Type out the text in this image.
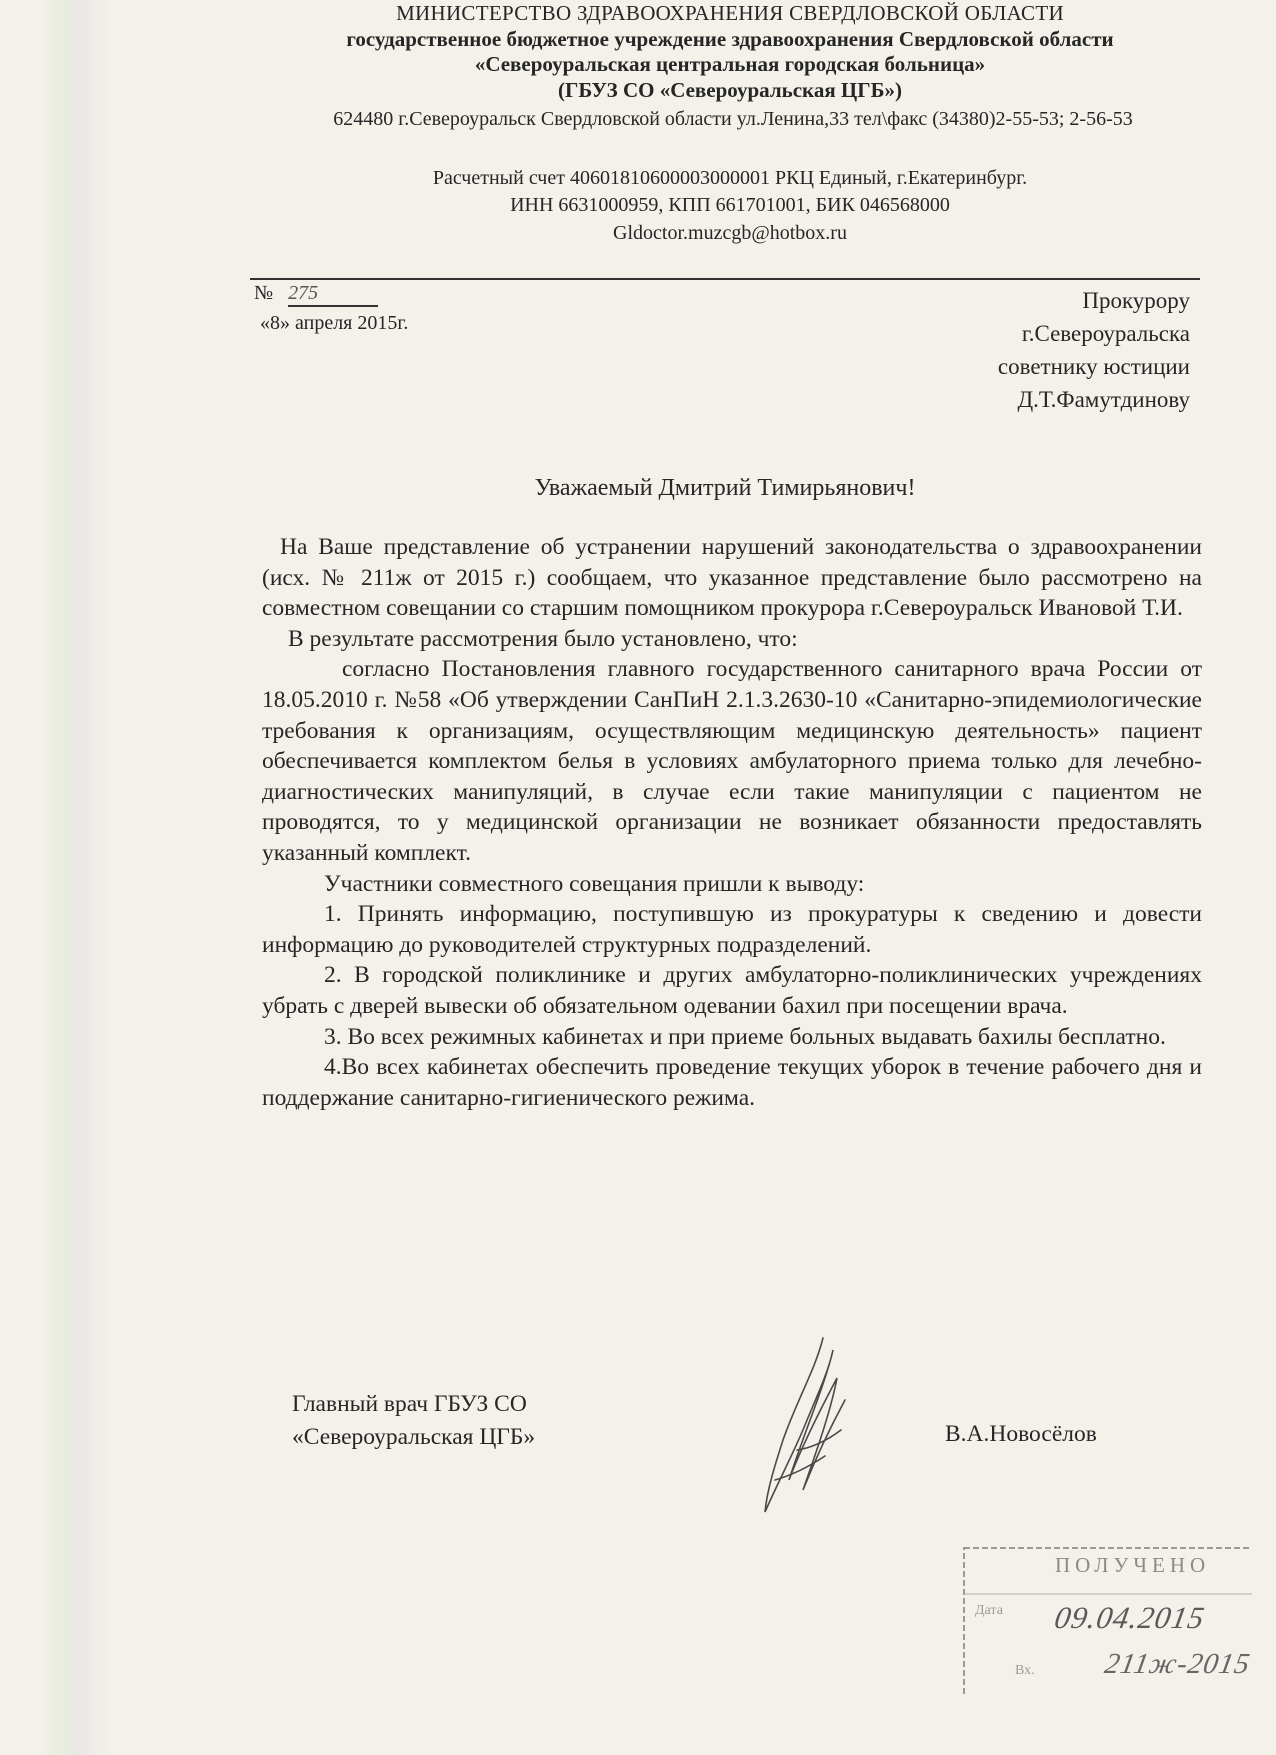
МИНИСТЕРСТВО ЗДРАВООХРАНЕНИЯ СВЕРДЛОВСКОЙ ОБЛАСТИ
государственное бюджетное учреждение здравоохранения Свердловской области
«Североуральская центральная городская больница»
(ГБУЗ СО «Североуральская ЦГБ»)
624480 г.Североуральск Свердловской области ул.Ленина,33 тел\факс (34380)2-55-53; 2-56-53
Расчетный счет 40601810600003000001 РКЦ Единый, г.Екатеринбург.
ИНН 6631000959, КПП 661701001, БИК 046568000
Gldoctor.muzcgb@hotbox.ru
№ 275
«8» апреля 2015г.
Прокурору
г.Североуральска
советнику юстиции
Д.Т.Фамутдинову
Уважаемый Дмитрий Тимирьянович!

На Ваше представление об устранении нарушений законодательства о здравоохранении (исх. № 211ж от 2015 г.) сообщаем, что указанное представление было рассмотрено на совместном совещании со старшим помощником прокурора г.Североуральск Ивановой Т.И.

В результате рассмотрения было установлено, что:

согласно Постановления главного государственного санитарного врача России от 18.05.2010 г. №58 «Об утверждении СанПиН 2.1.3.2630-10 «Санитарно-эпидемиологические требования к организациям, осуществляющим медицинскую деятельность» пациент обеспечивается комплектом белья в условиях амбулаторного приема только для лечебно-диагностических манипуляций, в случае если такие манипуляции с пациентом не проводятся, то у медицинской организации не возникает обязанности предоставлять указанный комплект.

Участники совместного совещания пришли к выводу:

1. Принять информацию, поступившую из прокуратуры к сведению и довести информацию до руководителей структурных подразделений.

2. В городской поликлинике и других амбулаторно-поликлинических учреждениях убрать с дверей вывески об обязательном одевании бахил при посещении врача.

3. Во всех режимных кабинетах и при приеме больных выдавать бахилы бесплатно.

4.Во всех кабинетах обеспечить проведение текущих уборок в течение рабочего дня и поддержание санитарно-гигиенического режима.

Главный врач ГБУЗ СО
«Североуральская ЦГБ»	В.А.Новосёлов
ПОЛУЧЕНО
Дата 09.04.2015
Вх. 211ж-2015
